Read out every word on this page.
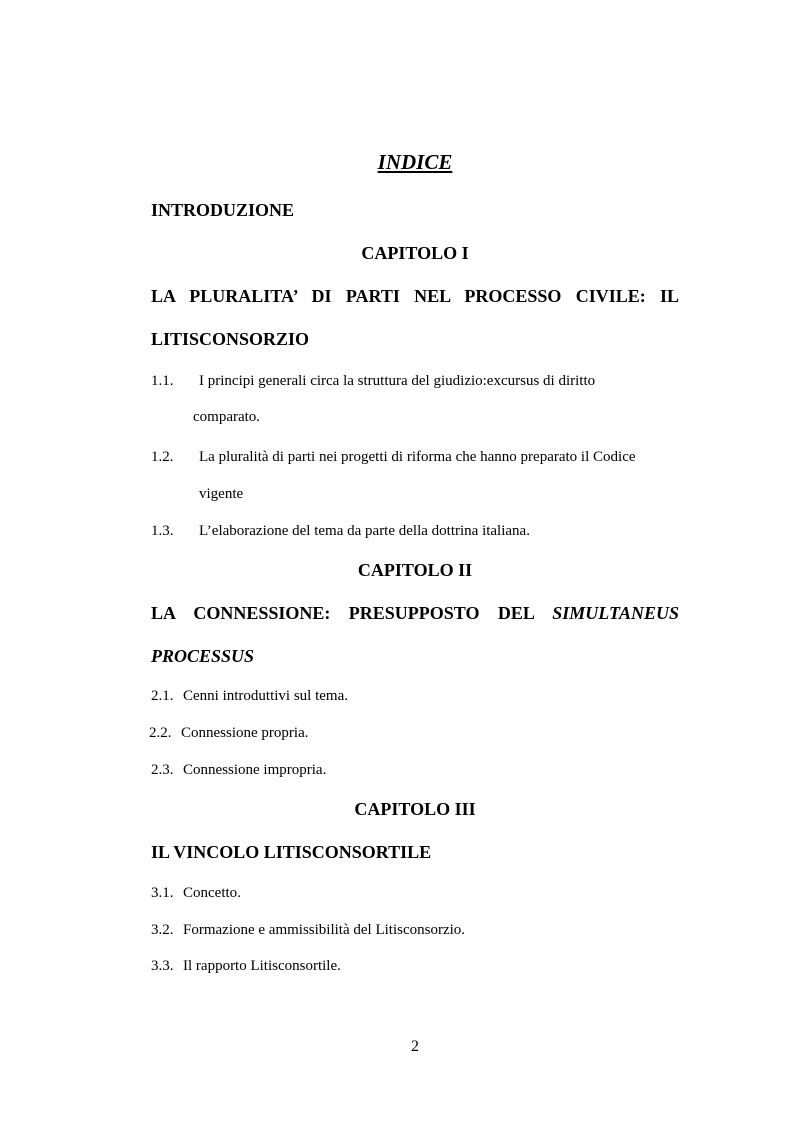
INDICE

INTRODUZIONE

CAPITOLO I

LA PLURALITA’ DI PARTI NEL PROCESSO CIVILE: IL

LITISCONSORZIO

1.1. I principi generali circa la struttura del giudizio:excursus di diritto

comparato.

1.2. La pluralità di parti nei progetti di riforma che hanno preparato il Codice

vigente

1.3. L’elaborazione del tema da parte della dottrina italiana.

CAPITOLO II

LA CONNESSIONE: PRESUPPOSTO DEL SIMULTANEUS

PROCESSUS

2.1. Cenni introduttivi sul tema.

2.2. Connessione propria.

2.3. Connessione impropria.

CAPITOLO III

IL VINCOLO LITISCONSORTILE

3.1. Concetto.

3.2. Formazione e ammissibilità del Litisconsorzio.

3.3. Il rapporto Litisconsortile.

2
